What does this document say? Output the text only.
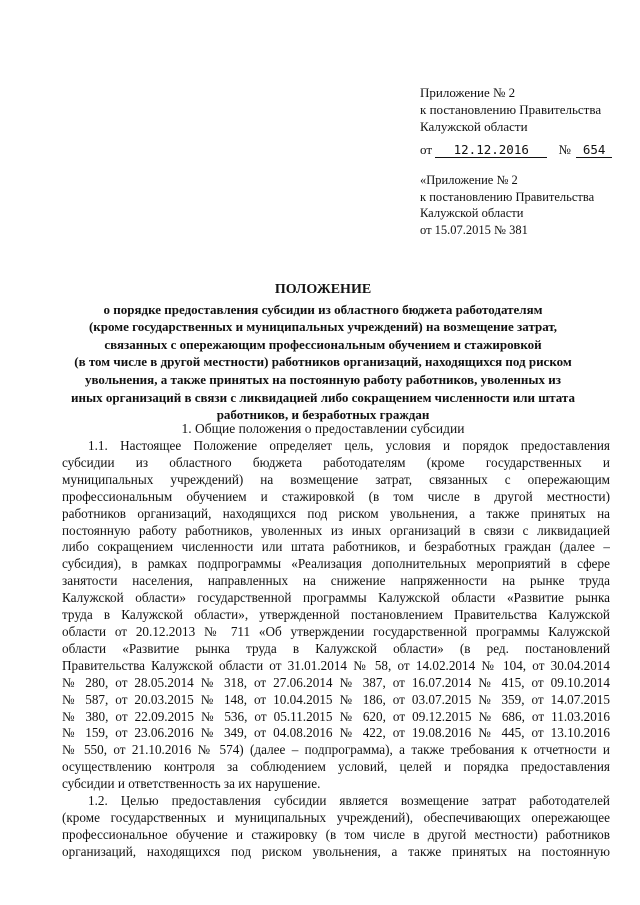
Приложение № 2
к постановлению Правительства
Калужской области
от 12.12.2016 № 654
«Приложение № 2
к постановлению Правительства
Калужской области
от 15.07.2015 № 381
ПОЛОЖЕНИЕ
о порядке предоставления субсидии из областного бюджета работодателям
(кроме государственных и муниципальных учреждений) на возмещение затрат,
связанных с опережающим профессиональным обучением и стажировкой
(в том числе в другой местности) работников организаций, находящихся под риском
увольнения, а также принятых на постоянную работу работников, уволенных из
иных организаций в связи с ликвидацией либо сокращением численности или штата
работников, и безработных граждан
1. Общие положения о предоставлении субсидии
1.1. Настоящее Положение определяет цель, условия и порядок предоставления
субсидии из областного бюджета работодателям (кроме государственных и
муниципальных учреждений) на возмещение затрат, связанных с опережающим
профессиональным обучением и стажировкой (в том числе в другой местности)
работников организаций, находящихся под риском увольнения, а также принятых на
постоянную работу работников, уволенных из иных организаций в связи с ликвидацией
либо сокращением численности или штата работников, и безработных граждан (далее –
субсидия), в рамках подпрограммы «Реализация дополнительных мероприятий в сфере
занятости населения, направленных на снижение напряженности на рынке труда
Калужской области» государственной программы Калужской области «Развитие рынка
труда в Калужской области», утвержденной постановлением Правительства Калужской
области от 20.12.2013 № 711 «Об утверждении государственной программы Калужской
области «Развитие рынка труда в Калужской области» (в ред. постановлений
Правительства Калужской области от 31.01.2014 № 58, от 14.02.2014 № 104, от 30.04.2014
№ 280, от 28.05.2014 № 318, от 27.06.2014 № 387, от 16.07.2014 № 415, от 09.10.2014
№ 587, от 20.03.2015 № 148, от 10.04.2015 № 186, от 03.07.2015 № 359, от 14.07.2015
№ 380, от 22.09.2015 № 536, от 05.11.2015 № 620, от 09.12.2015 № 686, от 11.03.2016
№ 159, от 23.06.2016 № 349, от 04.08.2016 № 422, от 19.08.2016 № 445, от 13.10.2016
№ 550, от 21.10.2016 № 574) (далее – подпрограмма), а также требования к отчетности и
осуществлению контроля за соблюдением условий, целей и порядка предоставления
субсидии и ответственность за их нарушение.
1.2. Целью предоставления субсидии является возмещение затрат работодателей
(кроме государственных и муниципальных учреждений), обеспечивающих опережающее
профессиональное обучение и стажировку (в том числе в другой местности) работников
организаций, находящихся под риском увольнения, а также принятых на постоянную
